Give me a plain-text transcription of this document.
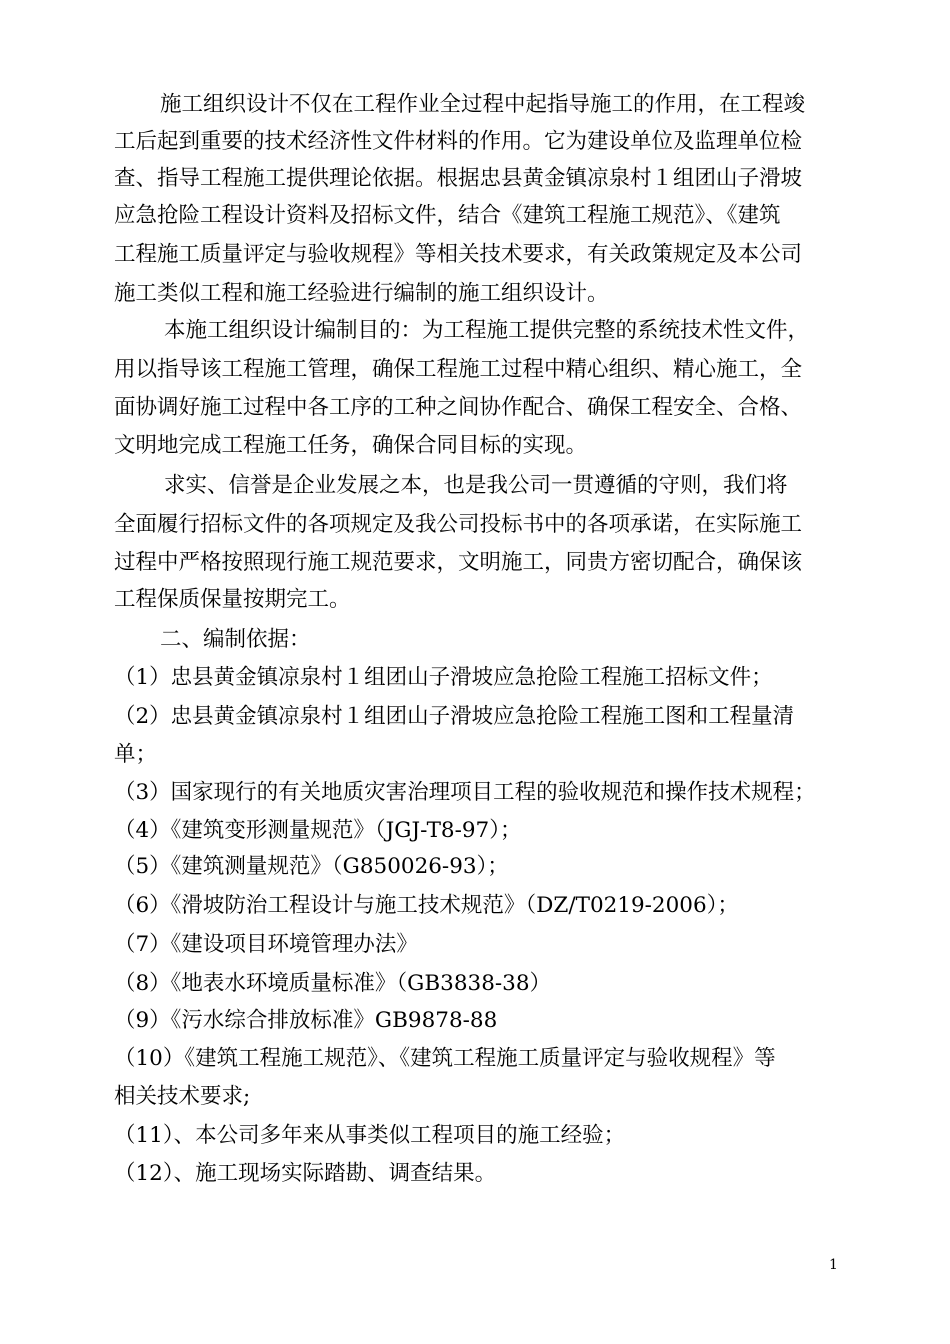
施工组织设计不仅在工程作业全过程中起指导施工的作用，在工程竣
工后起到重要的技术经济性文件材料的作用。它为建设单位及监理单位检
查、指导工程施工提供理论依据。根据忠县黄金镇凉泉村１组团山子滑坡
应急抢险工程设计资料及招标文件，结合《建筑工程施工规范》、《建筑
工程施工质量评定与验收规程》等相关技术要求，有关政策规定及本公司
施工类似工程和施工经验进行编制的施工组织设计。
本施工组织设计编制目的：为工程施工提供完整的系统技术性文件，
用以指导该工程施工管理，确保工程施工过程中精心组织、精心施工，全
面协调好施工过程中各工序的工种之间协作配合、确保工程安全、合格、
文明地完成工程施工任务，确保合同目标的实现。
求实、信誉是企业发展之本，也是我公司一贯遵循的守则，我们将
全面履行招标文件的各项规定及我公司投标书中的各项承诺，在实际施工
过程中严格按照现行施工规范要求，文明施工，同贵方密切配合，确保该
工程保质保量按期完工。
二、编制依据：
（1）忠县黄金镇凉泉村１组团山子滑坡应急抢险工程施工招标文件；
（2）忠县黄金镇凉泉村１组团山子滑坡应急抢险工程施工图和工程量清
单；
（3）国家现行的有关地质灾害治理项目工程的验收规范和操作技术规程；
（4）《建筑变形测量规范》（JGJ-T8-97）；
（5）《建筑测量规范》（G850026-93）；
（6）《滑坡防治工程设计与施工技术规范》（DZ/T0219-2006）；
（7）《建设项目环境管理办法》
（8）《地表水环境质量标准》（GB3838-38）
（9）《污水综合排放标准》GB9878-88
（10）《建筑工程施工规范》、《建筑工程施工质量评定与验收规程》等
相关技术要求;
（11）、本公司多年来从事类似工程项目的施工经验；
（12）、施工现场实际踏勘、调查结果。
1
